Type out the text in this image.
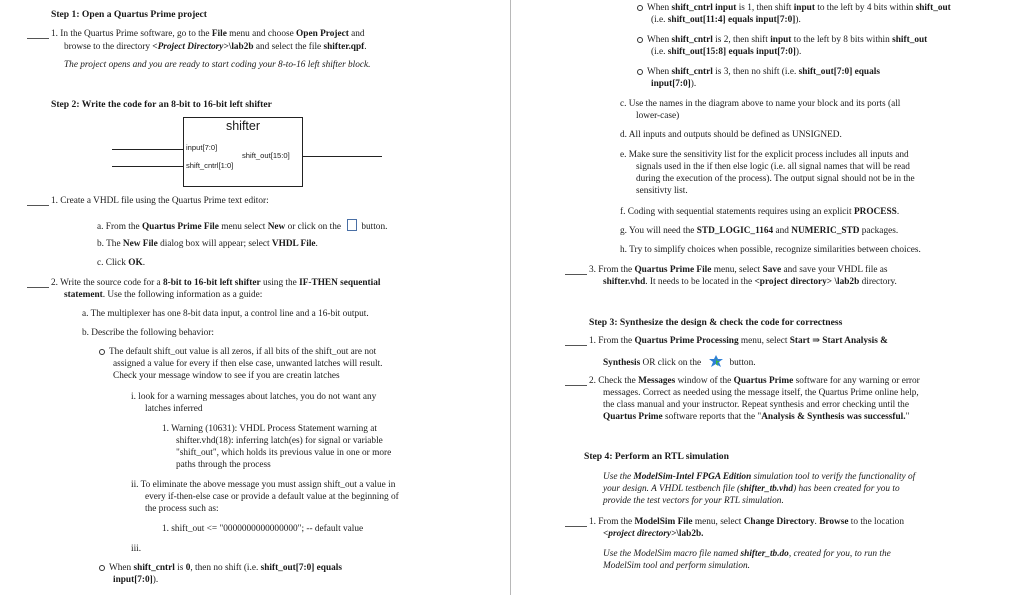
Step 1: Open a Quartus Prime project
1. In the Quartus Prime software, go to the File menu and choose Open Project and
browse to the directory <Project Directory>\lab2b and select the file shifter.qpf.
The project opens and you are ready to start coding your 8-to-16 left shifter block.
Step 2: Write the code for an 8-bit to 16-bit left shifter
shifter
input[7:0]
shift_cntrl[1:0]
shift_out[15:0]
1. Create a VHDL file using the Quartus Prime text editor:
a. From the Quartus Prime File menu select New or click on the button.
b. The New File dialog box will appear; select VHDL File.
c. Click OK.
2. Write the source code for a 8-bit to 16-bit left shifter using the IF-THEN sequential
statement. Use the following information as a guide:
a. The multiplexer has one 8-bit data input, a control line and a 16-bit output.
b. Describe the following behavior:
The default shift_out value is all zeros, if all bits of the shift_out are not
assigned a value for every if then else case, unwanted latches will result.
Check your message window to see if you are creatin latches
i. look for a warning messages about latches, you do not want any
latches inferred
1. Warning (10631): VHDL Process Statement warning at
shifter.vhd(18): inferring latch(es) for signal or variable
"shift_out", which holds its previous value in one or more
paths through the process
ii. To eliminate the above message you must assign shift_out a value in
every if-then-else case or provide a default value at the beginning of
the process such as:
1. shift_out <= "0000000000000000"; -- default value
iii.
When shift_cntrl is 0, then no shift (i.e. shift_out[7:0] equals
input[7:0]).
When shift_cntrl input is 1, then shift input to the left by 4 bits within shift_out
(i.e. shift_out[11:4] equals input[7:0]).
When shift_cntrl is 2, then shift input to the left by 8 bits within shift_out
(i.e. shift_out[15:8] equals input[7:0]).
When shift_cntrl is 3, then no shift (i.e. shift_out[7:0] equals
input[7:0]).
c. Use the names in the diagram above to name your block and its ports (all
lower-case)
d. All inputs and outputs should be defined as UNSIGNED.
e. Make sure the sensitivity list for the explicit process includes all inputs and
signals used in the if then else logic (i.e. all signal names that will be read
during the execution of the process). The output signal should not be in the
sensitivty list.
f. Coding with sequential statements requires using an explicit PROCESS.
g. You will need the STD_LOGIC_1164 and NUMERIC_STD packages.
h. Try to simplify choices when possible, recognize similarities between choices.
3. From the Quartus Prime File menu, select Save and save your VHDL file as
shifter.vhd. It needs to be located in the <project directory> \lab2b directory.
Step 3: Synthesize the design & check the code for correctness
1. From the Quartus Prime Processing menu, select Start ⇒ Start Analysis &
Synthesis OR click on the	button.
2. Check the Messages window of the Quartus Prime software for any warning or error
messages. Correct as needed using the message itself, the Quartus Prime online help,
the class manual and your instructor. Repeat synthesis and error checking until the
Quartus Prime software reports that the "Analysis & Synthesis was successful."
Step 4: Perform an RTL simulation
Use the ModelSim-Intel FPGA Edition simulation tool to verify the functionality of
your design. A VHDL testbench file (shifter_tb.vhd) has been created for you to
provide the test vectors for your RTL simulation.
1. From the ModelSim File menu, select Change Directory. Browse to the location
<project directory>\lab2b.
Use the ModelSim macro file named shifter_tb.do, created for you, to run the
ModelSim tool and perform simulation.
